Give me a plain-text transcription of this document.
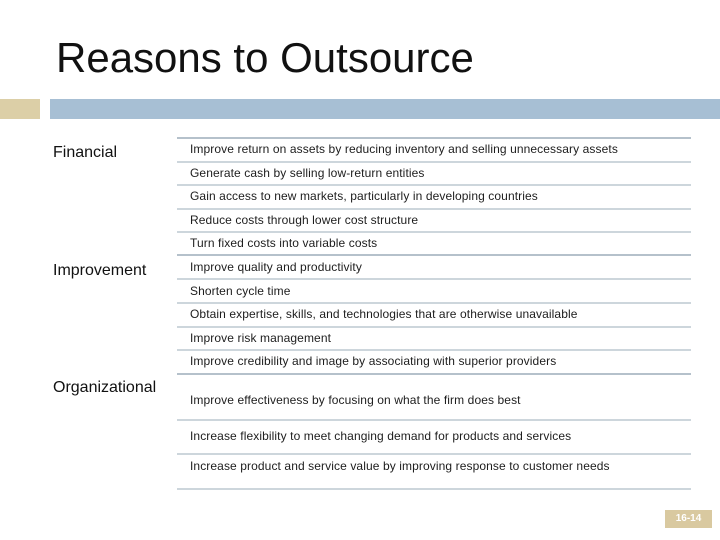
Reasons to Outsource
Financial
Improvement
Organizational
Improve return on assets by reducing inventory and selling unnecessary assets
Generate cash by selling low-return entities
Gain access to new markets, particularly in developing countries
Reduce costs through lower cost structure
Turn fixed costs into variable costs
Improve quality and productivity
Shorten cycle time
Obtain expertise, skills, and technologies that are otherwise unavailable
Improve risk management
Improve credibility and image by associating with superior providers
Improve effectiveness by focusing on what the firm does best
Increase flexibility to meet changing demand for products and services
Increase product and service value by improving response to customer needs
16-14
